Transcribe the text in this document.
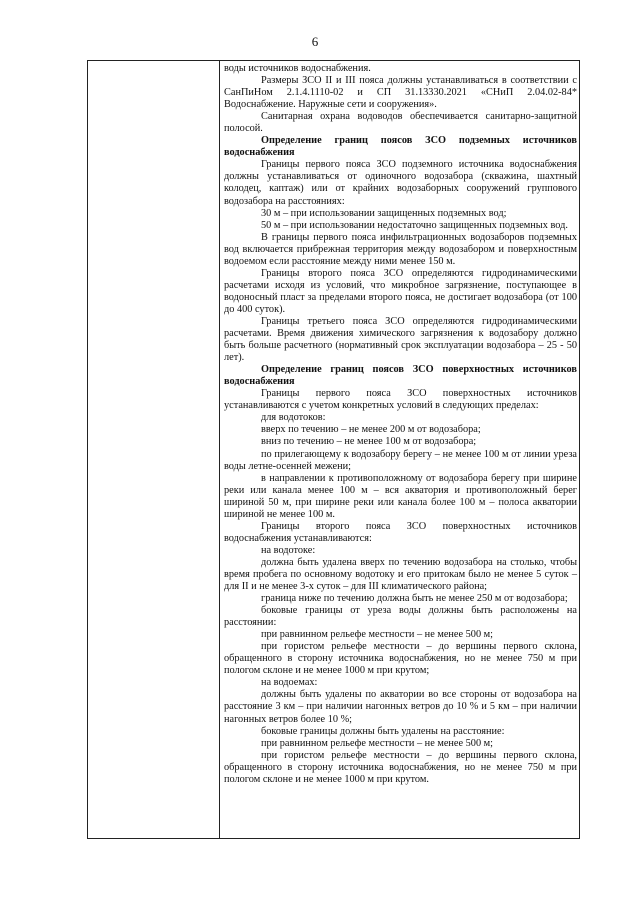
6

воды источников водоснабжения.

Размеры ЗСО II и III пояса должны устанавливаться в соответствии с СанПиНом 2.1.4.1110-02 и СП 31.13330.2021 «СНиП 2.04.02-84* Водоснабжение. Наружные сети и сооружения».

Санитарная охрана водоводов обеспечивается санитарно-защитной полосой.

Определение границ поясов ЗСО подземных источников водоснабжения

Границы первого пояса ЗСО подземного источника водоснабжения должны устанавливаться от одиночного водозабора (скважина, шахтный колодец, каптаж) или от крайних водозаборных сооружений группового водозабора на расстояниях:

30 м – при использовании защищенных подземных вод;

50 м – при использовании недостаточно защищенных подземных вод.

В границы первого пояса инфильтрационных водозаборов подземных вод включается прибрежная территория между водозабором и поверхностным водоемом если расстояние между ними менее 150 м.

Границы второго пояса ЗСО определяются гидродинамическими расчетами исходя из условий, что микробное загрязнение, поступающее в водоносный пласт за пределами второго пояса, не достигает водозабора (от 100 до 400 суток).

Границы третьего пояса ЗСО определяются гидродинамическими расчетами. Время движения химического загрязнения к водозабору должно быть больше расчетного (нормативный срок эксплуатации водозабора – 25 - 50 лет).

Определение границ поясов ЗСО поверхностных источников водоснабжения

Границы первого пояса ЗСО поверхностных источников устанавливаются с учетом конкретных условий в следующих пределах:

для водотоков:

вверх по течению – не менее 200 м от водозабора;

вниз по течению – не менее 100 м от водозабора;

по прилегающему к водозабору берегу – не менее 100 м от линии уреза воды летне-осенней межени;

в направлении к противоположному от водозабора берегу при ширине реки или канала менее 100 м – вся акватория и противоположный берег шириной 50 м, при ширине реки или канала более 100 м – полоса акватории шириной не менее 100 м.

Границы второго пояса ЗСО поверхностных источников водоснабжения устанавливаются:

на водотоке:

должна быть удалена вверх по течению водозабора на столько, чтобы время пробега по основному водотоку и его притокам было не менее 5 суток – для II и не менее 3-х суток – для III климатического района;

граница ниже по течению должна быть не менее 250 м от водозабора;

боковые границы от уреза воды должны быть расположены на расстоянии:

при равнинном рельефе местности – не менее 500 м;

при гористом рельефе местности – до вершины первого склона, обращенного в сторону источника водоснабжения, но не менее 750 м при пологом склоне и не менее 1000 м при крутом;

на водоемах:

должны быть удалены по акватории во все стороны от водозабора на расстояние 3 км – при наличии нагонных ветров до 10 % и 5 км – при наличии нагонных ветров более 10 %;

боковые границы должны быть удалены на расстояние:

при равнинном рельефе местности – не менее 500 м;

при гористом рельефе местности – до вершины первого склона, обращенного в сторону источника водоснабжения, но не менее 750 м при пологом склоне и не менее 1000 м при крутом.
